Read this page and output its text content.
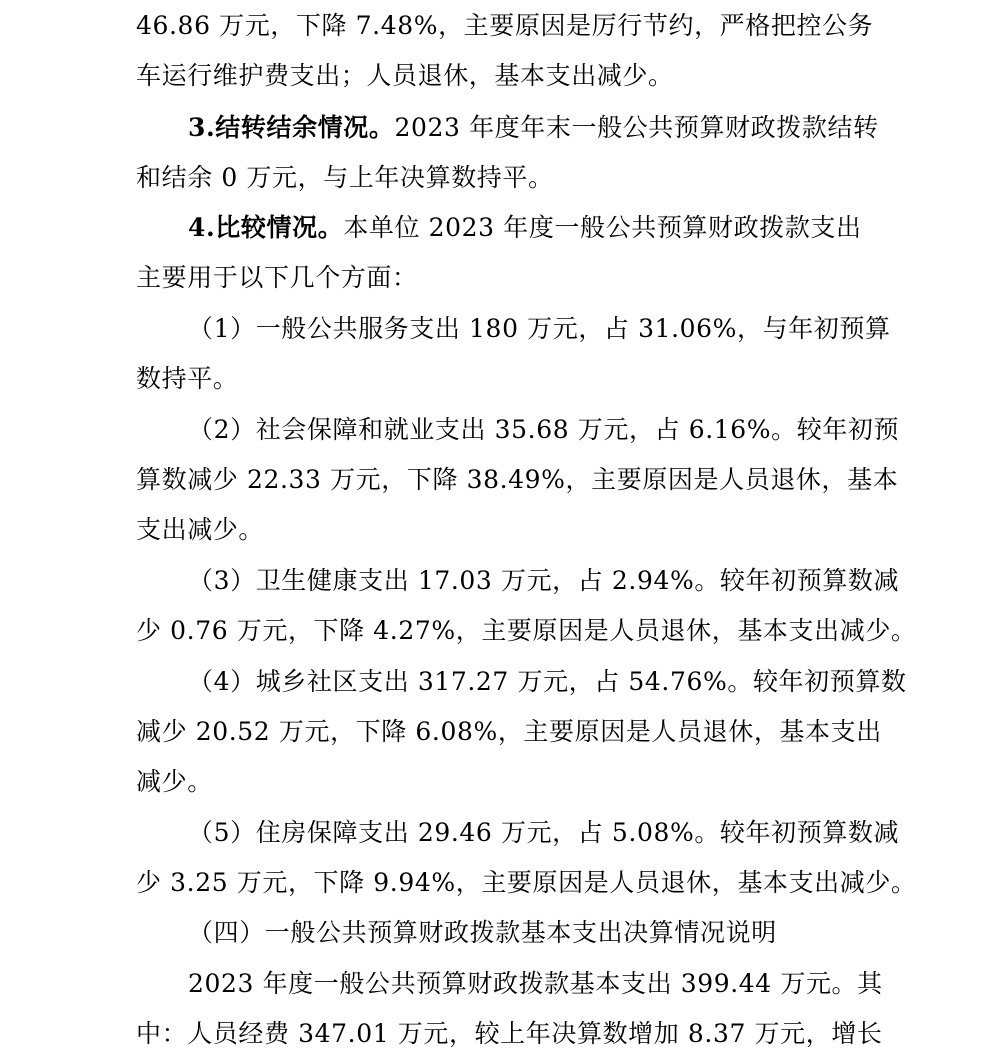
46.86 万元，下降 7.48%，主要原因是厉行节约，严格把控公务
车运行维护费支出；人员退休，基本支出减少。
3.结转结余情况。2023 年度年末一般公共预算财政拨款结转
和结余 0 万元，与上年决算数持平。
4.比较情况。本单位 2023 年度一般公共预算财政拨款支出
主要用于以下几个方面：
（1）一般公共服务支出 180 万元，占 31.06%，与年初预算
数持平。
（2）社会保障和就业支出 35.68 万元，占 6.16%。较年初预
算数减少 22.33 万元，下降 38.49%，主要原因是人员退休，基本
支出减少。
（3）卫生健康支出 17.03 万元，占 2.94%。较年初预算数减
少 0.76 万元，下降 4.27%，主要原因是人员退休，基本支出减少。
（4）城乡社区支出 317.27 万元，占 54.76%。较年初预算数
减少 20.52 万元，下降 6.08%，主要原因是人员退休，基本支出
减少。
（5）住房保障支出 29.46 万元，占 5.08%。较年初预算数减
少 3.25 万元，下降 9.94%，主要原因是人员退休，基本支出减少。
（四）一般公共预算财政拨款基本支出决算情况说明
2023 年度一般公共预算财政拨款基本支出 399.44 万元。其
中：人员经费 347.01 万元，较上年决算数增加 8.37 万元，增长
